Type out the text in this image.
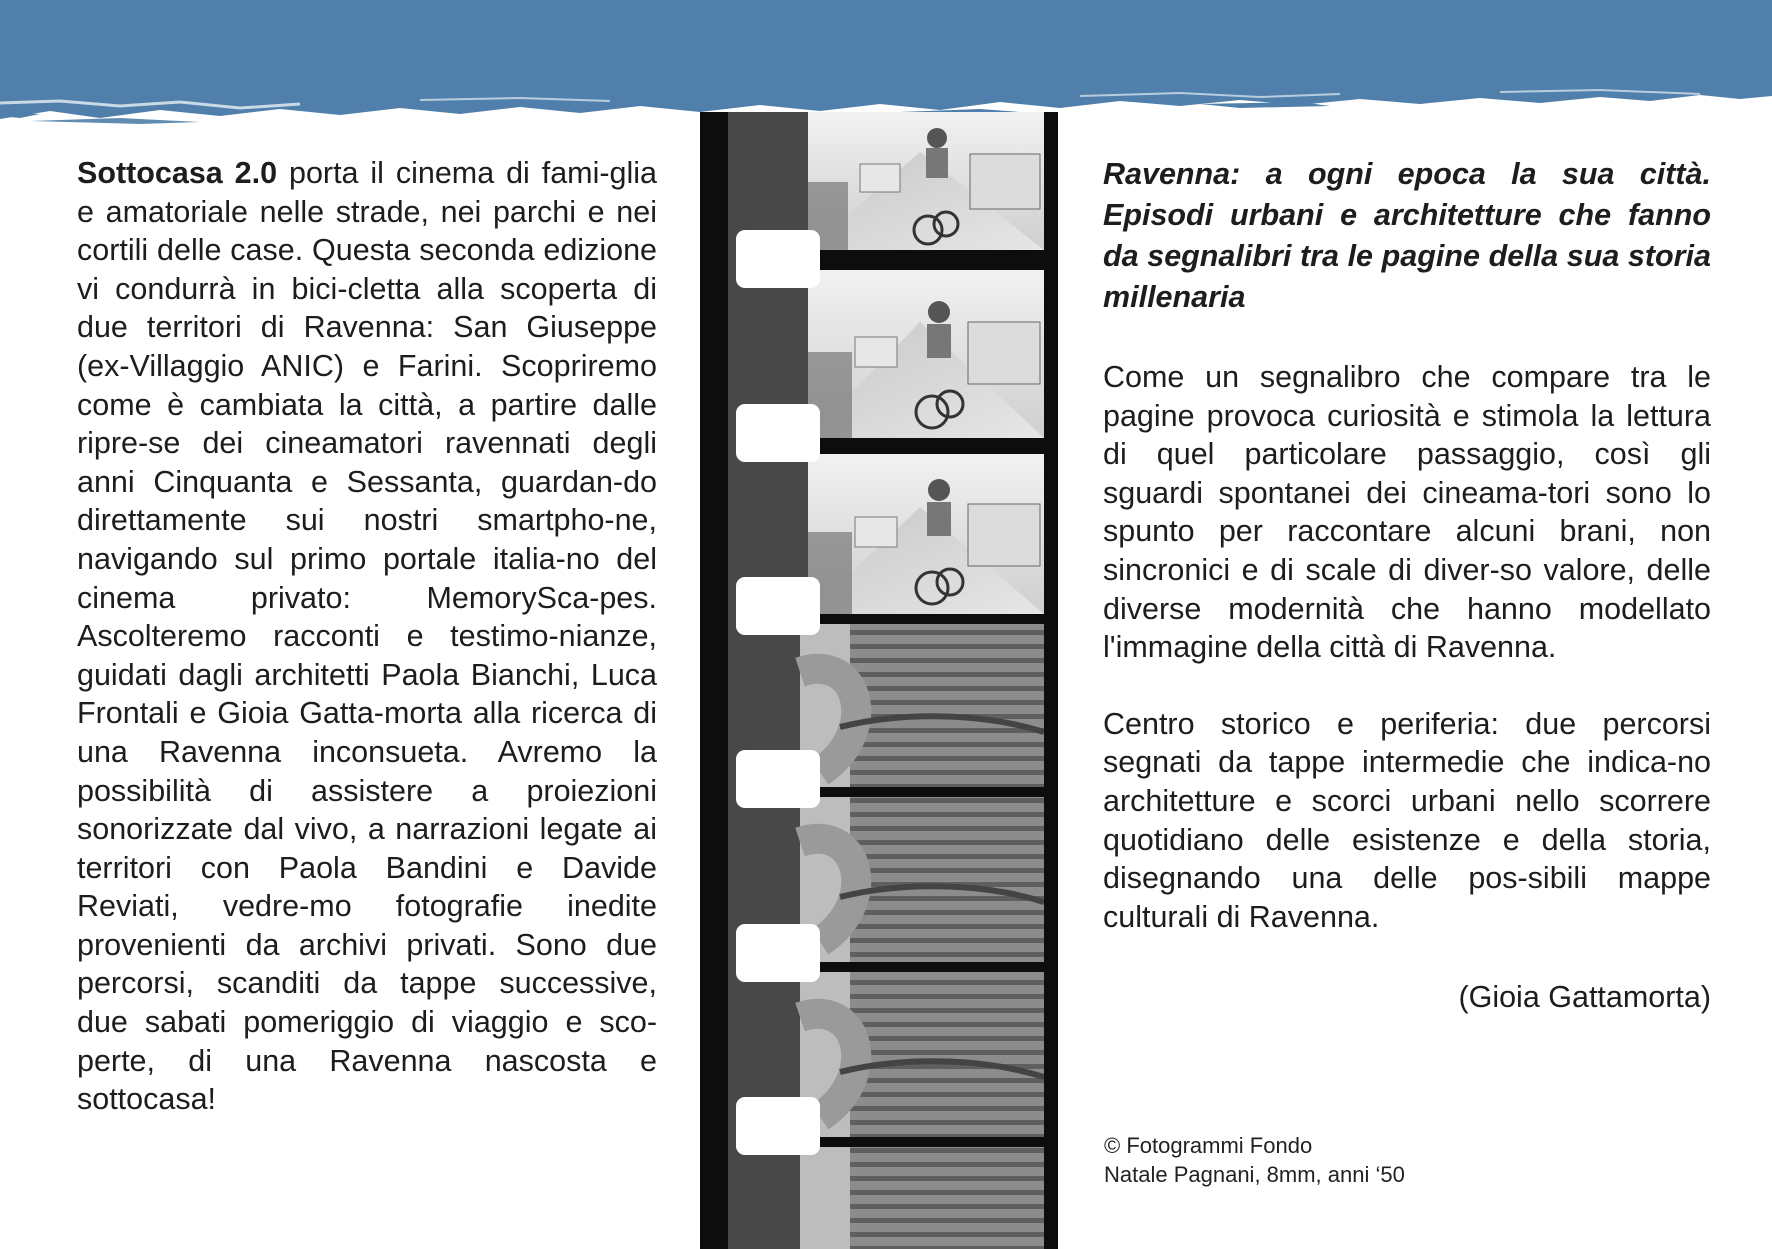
Sottocasa 2.0 porta il cinema di fami-glia e amatoriale nelle strade, nei parchi e nei cortili delle case. Questa seconda edizione vi condurrà in bici-cletta alla scoperta di due territori di Ravenna: San Giuseppe (ex-Villaggio ANIC) e Farini. Scopriremo come è cambiata la città, a partire dalle ripre-se dei cineamatori ravennati degli anni Cinquanta e Sessanta, guardan-do direttamente sui nostri smartpho-ne, navigando sul primo portale italia-no del cinema privato: MemorySca-pes. Ascolteremo racconti e testimo-nianze, guidati dagli architetti Paola Bianchi, Luca Frontali e Gioia Gatta-morta alla ricerca di una Ravenna inconsueta. Avremo la possibilità di assistere a proiezioni sonorizzate dal vivo, a narrazioni legate ai territori con Paola Bandini e Davide Reviati, vedre-mo fotografie inedite provenienti da archivi privati. Sono due percorsi, scanditi da tappe successive, due sabati pomeriggio di viaggio e sco-perte, di una Ravenna nascosta e sottocasa!

Ravenna: a ogni epoca la sua città. Episodi urbani e architetture che fanno da segnalibri tra le pagine della sua storia millenaria

Come un segnalibro che compare tra le pagine provoca curiosità e stimola la lettura di quel particolare passaggio, così gli sguardi spontanei dei cineama-tori sono lo spunto per raccontare alcuni brani, non sincronici e di scale di diver-so valore, delle diverse modernità che hanno modellato l'immagine della città di Ravenna.

Centro storico e periferia: due percorsi segnati da tappe intermedie che indica-no architetture e scorci urbani nello scorrere quotidiano delle esistenze e della storia, disegnando una delle pos-sibili mappe culturali di Ravenna.

(Gioia Gattamorta)

© Fotogrammi Fondo
Natale Pagnani, 8mm, anni ‘50
